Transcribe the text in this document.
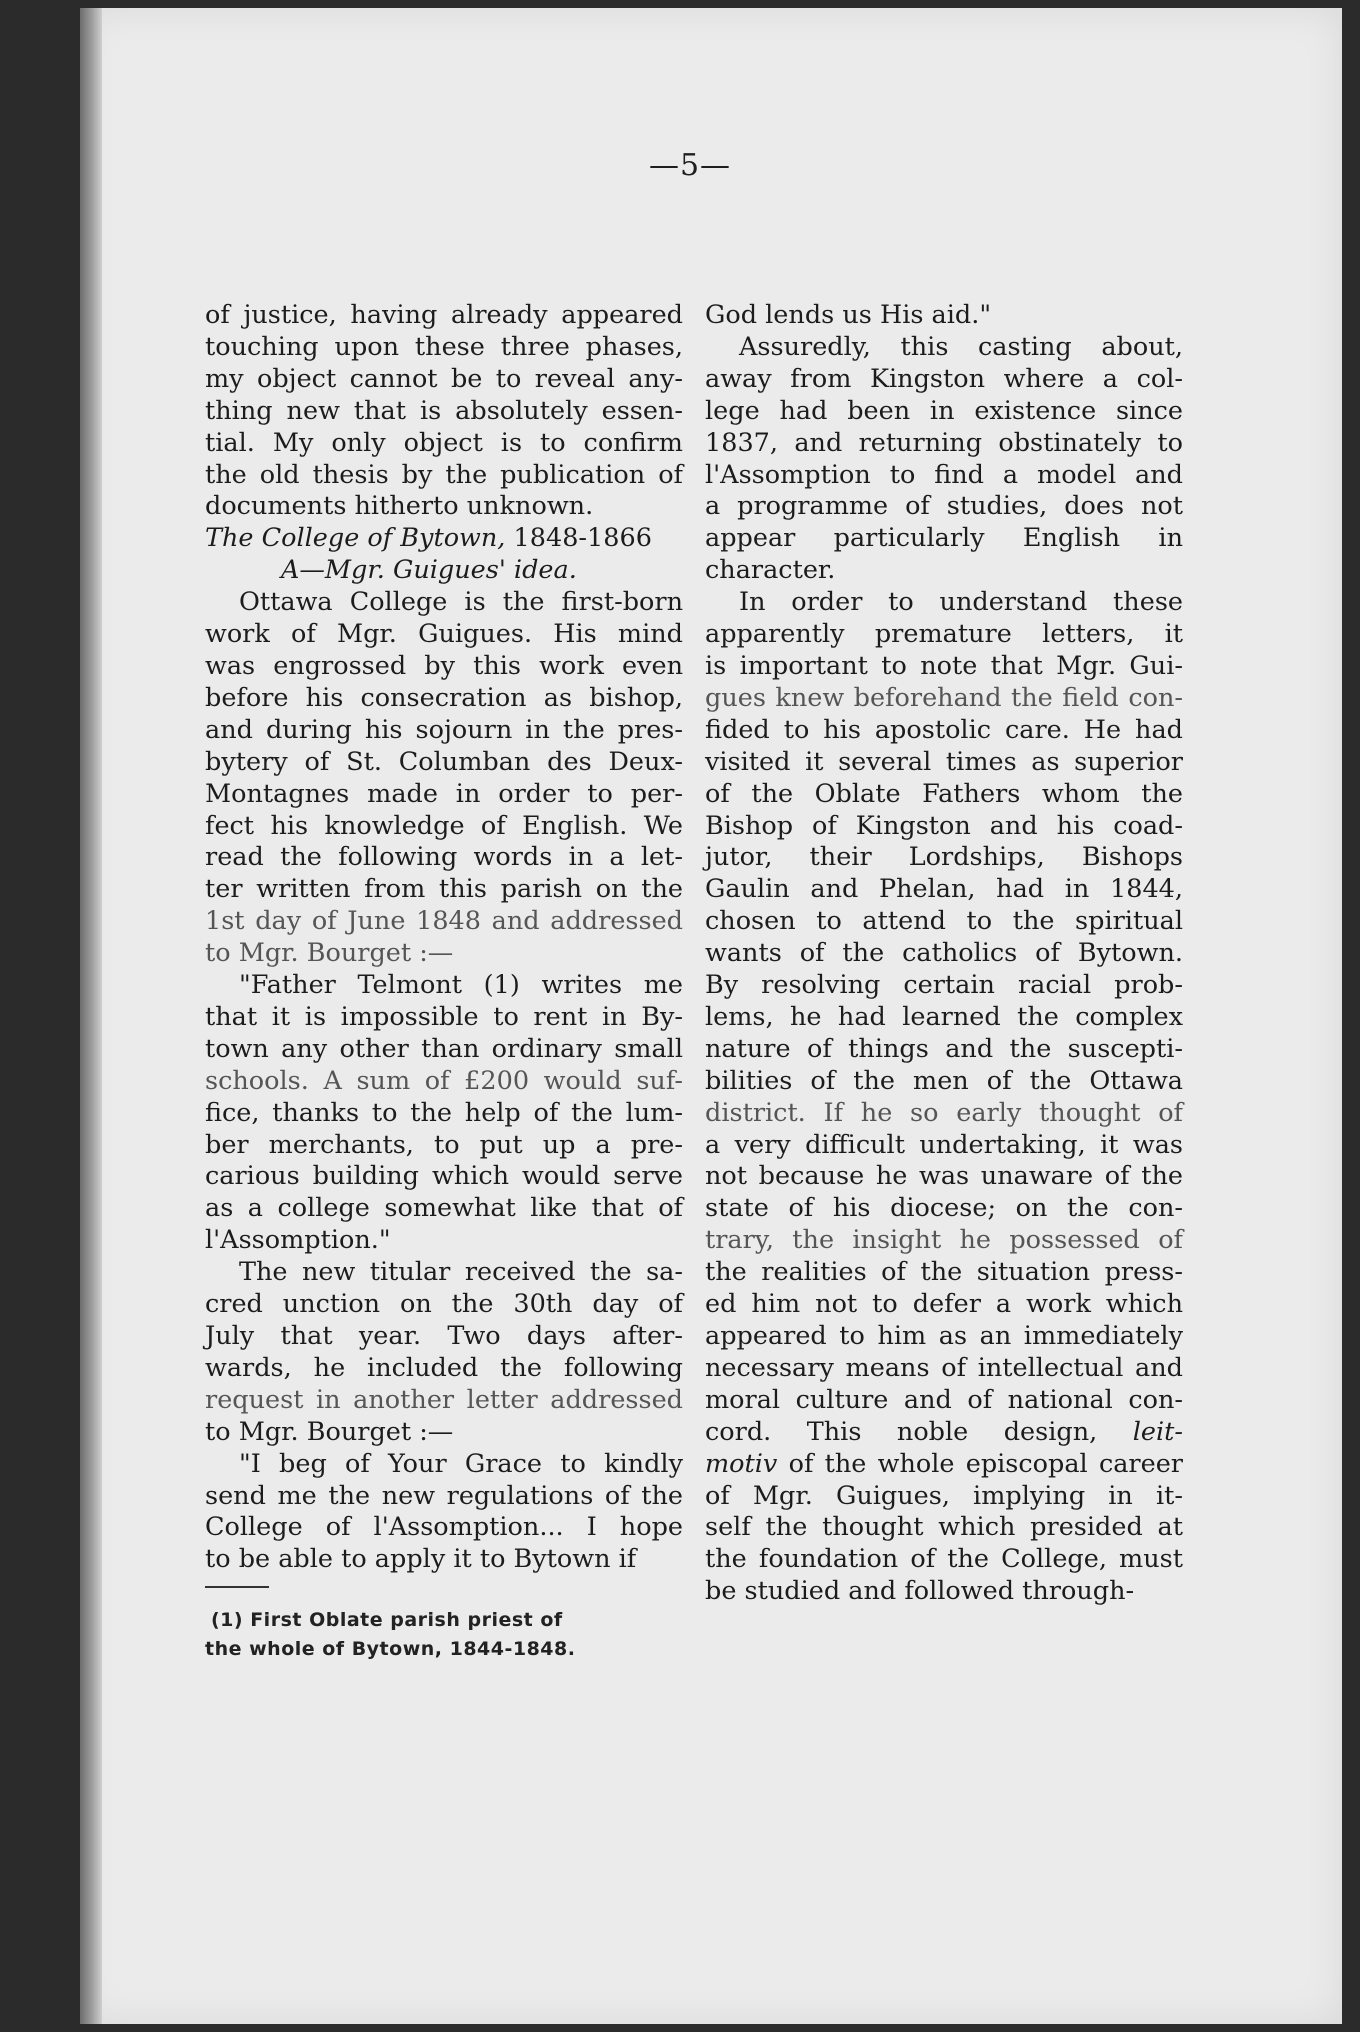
—5—
of justice, having already appeared
touching upon these three phases,
my object cannot be to reveal any-
thing new that is absolutely essen-
tial. My only object is to confirm
the old thesis by the publication of
documents hitherto unknown.
The College of Bytown, 1848-1866
A—Mgr. Guigues' idea.
Ottawa College is the first-born
work of Mgr. Guigues. His mind
was engrossed by this work even
before his consecration as bishop,
and during his sojourn in the pres-
bytery of St. Columban des Deux-
Montagnes made in order to per-
fect his knowledge of English. We
read the following words in a let-
ter written from this parish on the
1st day of June 1848 and addressed
to Mgr. Bourget :—
"Father Telmont (1) writes me
that it is impossible to rent in By-
town any other than ordinary small
schools. A sum of £200 would suf-
fice, thanks to the help of the lum-
ber merchants, to put up a pre-
carious building which would serve
as a college somewhat like that of
l'Assomption."
The new titular received the sa-
cred unction on the 30th day of
July that year. Two days after-
wards, he included the following
request in another letter addressed
to Mgr. Bourget :—
"I beg of Your Grace to kindly
send me the new regulations of the
College of l'Assomption... I hope
to be able to apply it to Bytown if
(1) First Oblate parish priest of
the whole of Bytown, 1844-1848.
God lends us His aid."
Assuredly, this casting about,
away from Kingston where a col-
lege had been in existence since
1837, and returning obstinately to
l'Assomption to find a model and
a programme of studies, does not
appear particularly English in
character.
In order to understand these
apparently premature letters, it
is important to note that Mgr. Gui-
gues knew beforehand the field con-
fided to his apostolic care. He had
visited it several times as superior
of the Oblate Fathers whom the
Bishop of Kingston and his coad-
jutor, their Lordships, Bishops
Gaulin and Phelan, had in 1844,
chosen to attend to the spiritual
wants of the catholics of Bytown.
By resolving certain racial prob-
lems, he had learned the complex
nature of things and the suscepti-
bilities of the men of the Ottawa
district. If he so early thought of
a very difficult undertaking, it was
not because he was unaware of the
state of his diocese; on the con-
trary, the insight he possessed of
the realities of the situation press-
ed him not to defer a work which
appeared to him as an immediately
necessary means of intellectual and
moral culture and of national con-
cord. This noble design, leit-
motiv of the whole episcopal career
of Mgr. Guigues, implying in it-
self the thought which presided at
the foundation of the College, must
be studied and followed through-
